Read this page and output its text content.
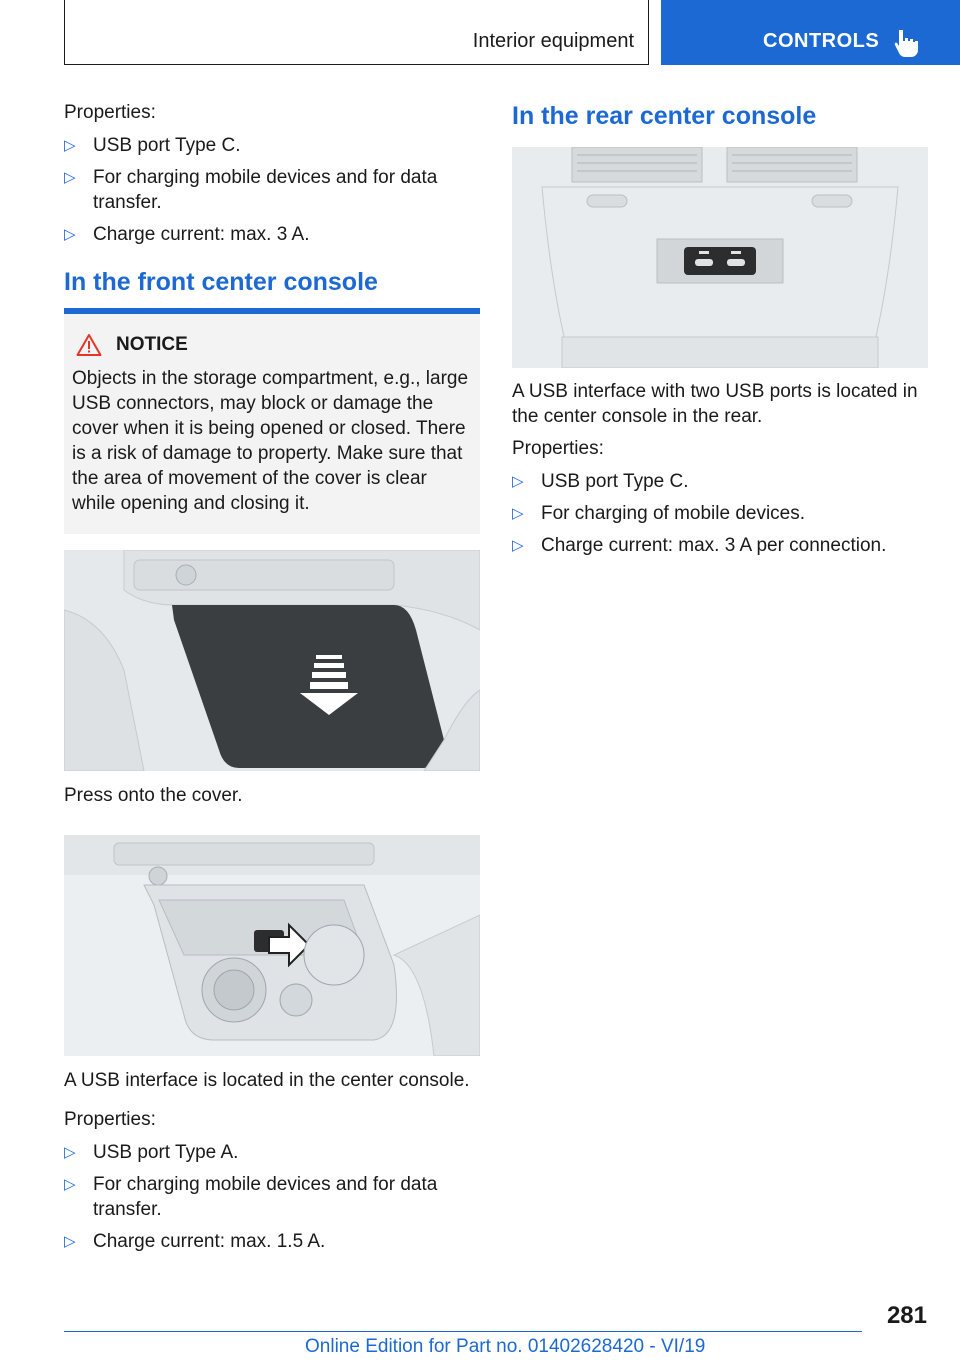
Interior equipment	CONTROLS

Properties:

▷ USB port Type C.
▷ For charging mobile devices and for data transfer.
▷ Charge current: max. 3 A.
In the front center console
NOTICE

Objects in the storage compartment, e.g., large USB connectors, may block or damage the cover when it is being opened or closed. There is a risk of damage to property. Make sure that the area of movement of the cover is clear while opening and closing it.

Press onto the cover.

A USB interface is located in the center console.

Properties:

▷ USB port Type A.
▷ For charging mobile devices and for data transfer.
▷ Charge current: max. 1.5 A.
In the rear center console

A USB interface with two USB ports is located in the center console in the rear.

Properties:

▷ USB port Type C.
▷ For charging of mobile devices.
▷ Charge current: max. 3 A per connection.
281
Online Edition for Part no. 01402628420 - VI/19
